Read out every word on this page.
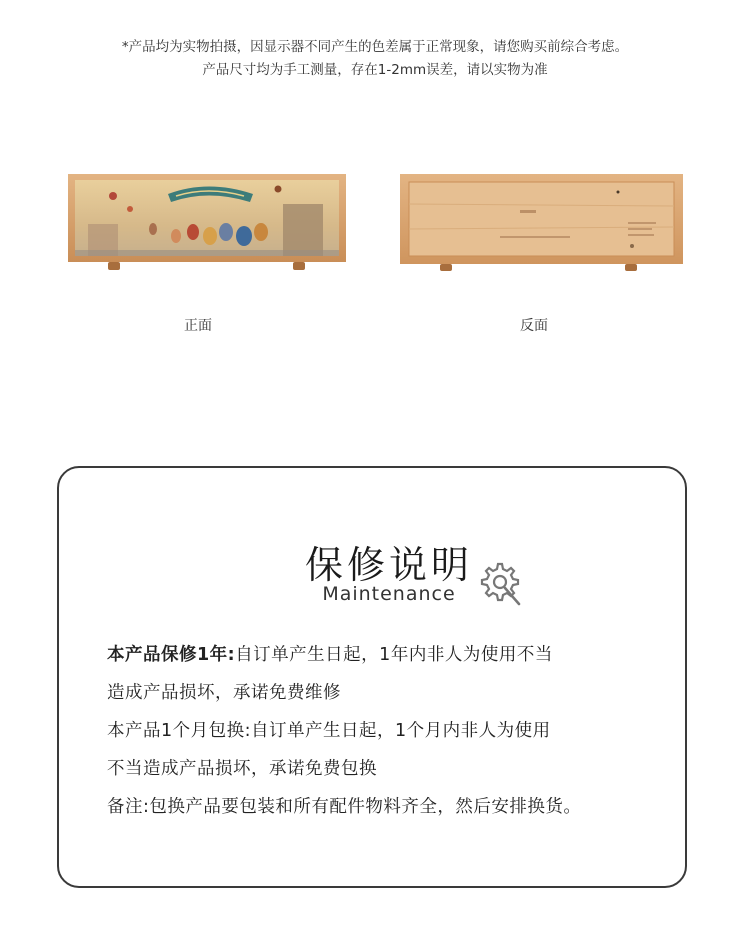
*产品均为实物拍摄，因显示器不同产生的色差属于正常现象，请您购买前综合考虑。
产品尺寸均为手工测量，存在1-2mm误差，请以实物为准
正面	反面
保修说明
Maintenance
本产品保修1年:自订单产生日起，1年内非人为使用不当
造成产品损坏，承诺免费维修
本产品1个月包换:自订单产生日起，1个月内非人为使用
不当造成产品损坏，承诺免费包换
备注:包换产品要包装和所有配件物料齐全，然后安排换货。
